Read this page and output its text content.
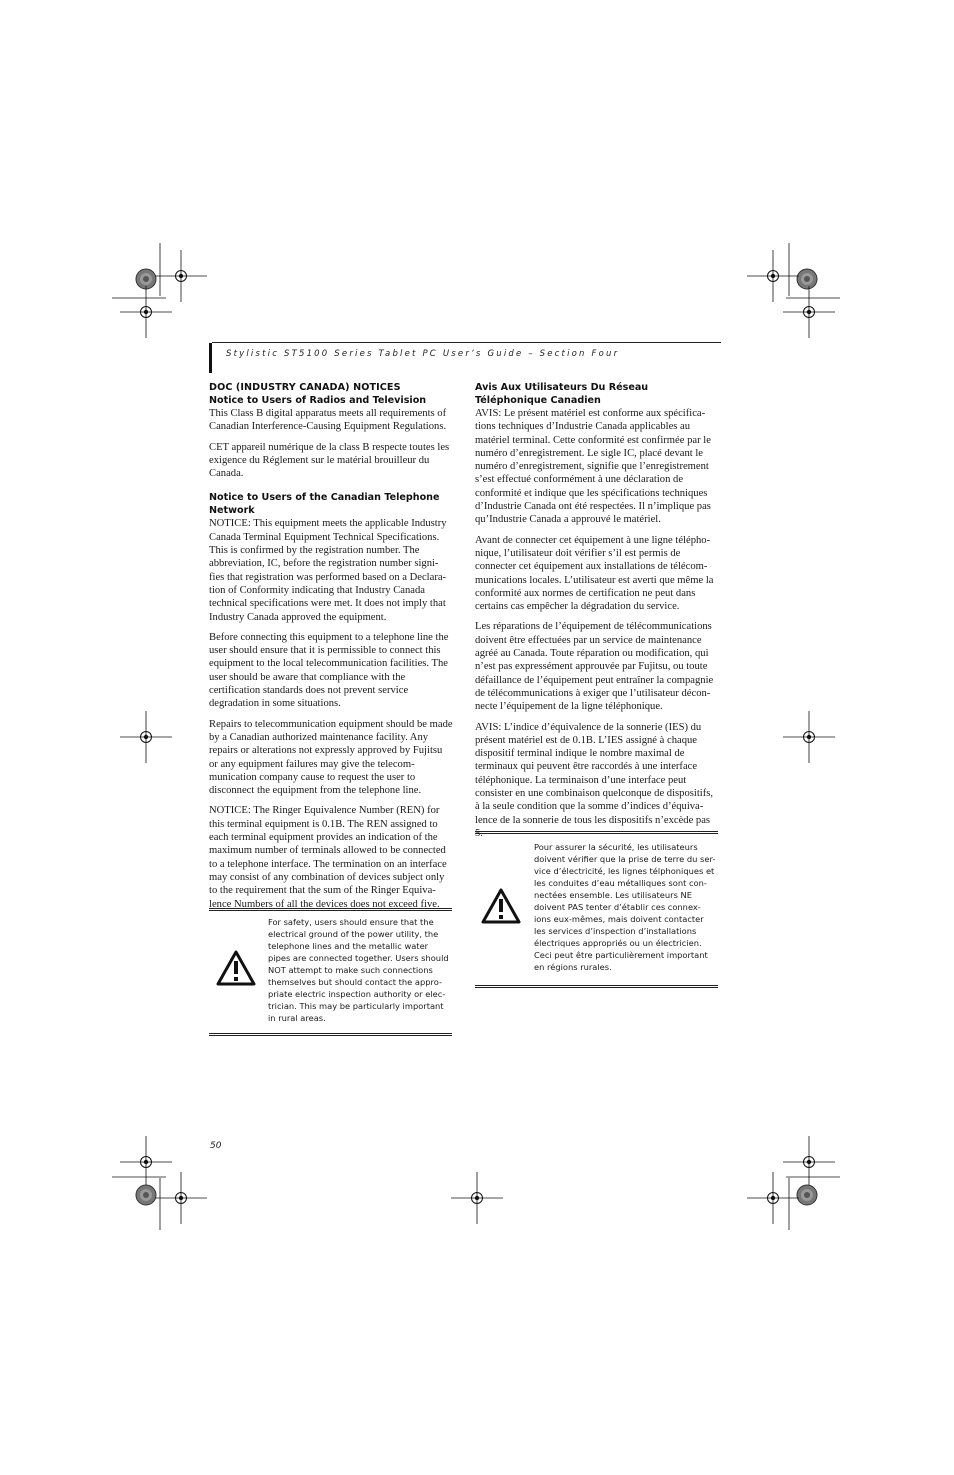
Stylistic ST5100 Series Tablet PC User’s Guide – Section Four

DOC (INDUSTRY CANADA) NOTICES

Notice to Users of Radios and Television

This Class B digital apparatus meets all requirements of Canadian Interference-Causing Equipment Regulations.

CET appareil numérique de la class B respecte toutes les exigence du Réglement sur le matérial brouilleur du Canada.

Notice to Users of the Canadian Telephone Network

NOTICE: This equipment meets the applicable Industry Canada Terminal Equipment Technical Specifications. This is confirmed by the registration number. The abbreviation, IC, before the registration number signi-fies that registration was performed based on a Declara-tion of Conformity indicating that Industry Canada technical specifications were met. It does not imply that Industry Canada approved the equipment.

Before connecting this equipment to a telephone line the user should ensure that it is permissible to connect this equipment to the local telecommunication facilities. The user should be aware that compliance with the certification standards does not prevent service degradation in some situations.

Repairs to telecommunication equipment should be made by a Canadian authorized maintenance facility. Any repairs or alterations not expressly approved by Fujitsu or any equipment failures may give the telecom-munication company cause to request the user to disconnect the equipment from the telephone line.

NOTICE: The Ringer Equivalence Number (REN) for this terminal equipment is 0.1B. The REN assigned to each terminal equipment provides an indication of the maximum number of terminals allowed to be connected to a telephone interface. The termination on an interface may consist of any combination of devices subject only to the requirement that the sum of the Ringer Equiva-lence Numbers of all the devices does not exceed five.

For safety, users should ensure that the electrical ground of the power utility, the telephone lines and the metallic water pipes are connected together. Users should NOT attempt to make such connections themselves but should contact the appro-priate electric inspection authority or elec-trician. This may be particularly important in rural areas.

Avis Aux Utilisateurs Du Réseau

Téléphonique Canadien

AVIS: Le présent matériel est conforme aux spécifica-tions techniques d’Industrie Canada applicables au matériel terminal. Cette conformité est confirmée par le numéro d’enregistrement. Le sigle IC, placé devant le numéro d’enregistrement, signifie que l’enregistrement s’est effectué conformément à une déclaration de conformité et indique que les spécifications techniques d’Industrie Canada ont été respectées. Il n’implique pas qu’Industrie Canada a approuvé le matériel.

Avant de connecter cet équipement à une ligne télépho-nique, l’utilisateur doit vérifier s’il est permis de connecter cet équipement aux installations de télécom-munications locales. L’utilisateur est averti que même la conformité aux normes de certification ne peut dans certains cas empêcher la dégradation du service.

Les réparations de l’équipement de télécommunications doivent être effectuées par un service de maintenance agréé au Canada. Toute réparation ou modification, qui n’est pas expressément approuvée par Fujitsu, ou toute défaillance de l’équipement peut entraîner la compagnie de télécommunications à exiger que l’utilisateur décon-necte l’équipement de la ligne téléphonique.

AVIS: L’indice d’équivalence de la sonnerie (IES) du présent matériel est de 0.1B. L’IES assigné à chaque dispositif terminal indique le nombre maximal de terminaux qui peuvent être raccordés à une interface téléphonique. La terminaison d’une interface peut consister en une combinaison quelconque de dispositifs, à la seule condition que la somme d’indices d’équiva-lence de la sonnerie de tous les dispositifs n’excède pas 5.

Pour assurer la sécurité, les utilisateurs doivent vérifier que la prise de terre du ser-vice d’électricité, les lignes télphoniques et les conduites d’eau métalliques sont con-nectées ensemble. Les utilisateurs NE doivent PAS tenter d’établir ces connex-ions eux-mêmes, mais doivent contacter les services d’inspection d’installations électriques appropriés ou un électricien. Ceci peut être particulièrement important en régions rurales.
50
